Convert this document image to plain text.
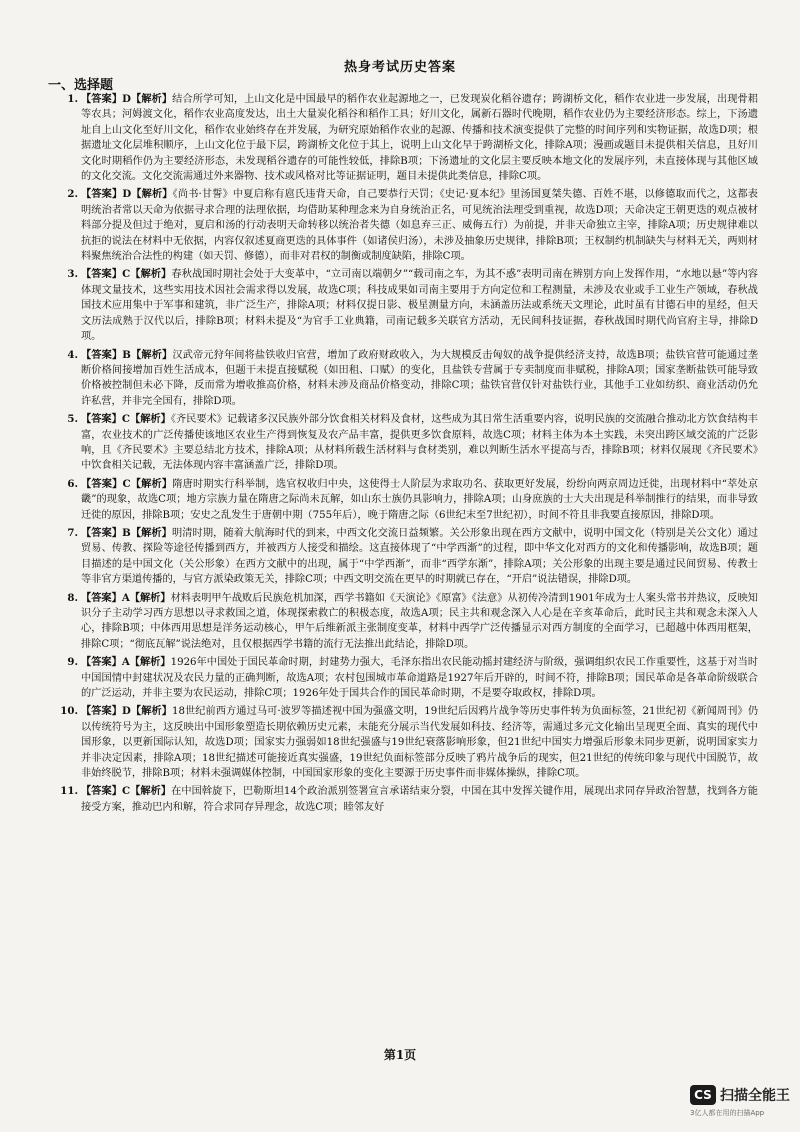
热身考试历史答案
一、选择题
1. 【答案】D【解析】结合所学可知，上山文化是中国最早的稻作农业起源地之一，已发现炭化稻谷遗存；跨湖桥文化，稻作农业进一步发展，出现骨耜等农具；河姆渡文化，稻作农业高度发达，出土大量炭化稻谷和稻作工具；好川文化，属新石器时代晚期，稻作农业仍为主要经济形态。综上，下汤遗址自上山文化至好川文化，稻作农业始终存在并发展，为研究原始稻作农业的起源、传播和技术演变提供了完整的时间序列和实物证据，故选D项；根据遗址文化层堆积顺序，上山文化位于最下层，跨湖桥文化位于其上，说明上山文化早于跨湖桥文化，排除A项；漫画或题目未提供相关信息，且好川文化时期稻作仍为主要经济形态，未发现稻谷遗存的可能性较低，排除B项；下汤遗址的文化层主要反映本地文化的发展序列，未直接体现与其他区域的文化交流。文化交流需通过外来器物、技术或风格对比等证据证明，题目未提供此类信息，排除C项。
2. 【答案】D【解析】《尚书·甘誓》中夏启称有扈氏违背天命，自己要恭行天罚；《史记·夏本纪》里汤国夏桀失德、百姓不堪，以修德取而代之，这都表明统治者常以天命为依据寻求合理的法理依据，均借助某种理念来为自身统治正名，可见统治法理受到重视，故选D项；天命决定王朝更迭的观点被材料部分提及但过于绝对，夏启和汤的行动表明天命转移以统治者失德（如息弃三正、威侮五行）为前提，并非天命独立主宰，排除A项；历史规律难以抗拒的说法在材料中无依据，内容仅叙述夏商更迭的具体事件（如诸侯归汤），未涉及抽象历史规律，排除B项；王权制约机制缺失与材料无关，两则材料聚焦统治合法性的构建（如天罚、修德），而非对君权的制衡或制度缺陷，排除C项。
3. 【答案】C【解析】春秋战国时期社会处于大变革中，“立司南以端朝夕”“载司南之车，为其不惑”表明司南在辨别方向上发挥作用，“水地以悬”等内容体现文量技术，这些实用技术因社会需求得以发展，故选C项；科技成果如司南主要用于方向定位和工程测量，未涉及农业或手工业生产领域，春秋战国技术应用集中于军事和建筑，非广泛生产，排除A项；材料仅提日影、极星测量方向，未涵盖历法或系统天文理论，此时虽有甘德石申的星经，但天文历法成熟于汉代以后，排除B项；材料未提及“为官手工业典籍，司南记载多关联官方活动，无民间科技证据，春秋战国时期代尚官府主导，排除D项。
4. 【答案】B【解析】汉武帝元狩年间将盐铁收归官营，增加了政府财政收入，为大规模反击匈奴的战争提供经济支持，故选B项；盐铁官营可能通过垄断价格间接增加百姓生活成本，但题干未提直接赋税（如田租、口赋）的变化，且盐铁专营属于专卖制度而非赋税，排除A项；国家垄断盐铁可能导致价格被控制但未必下降，反而常为增收推高价格，材料未涉及商品价格变动，排除C项；盐铁官营仅针对盐铁行业，其他手工业如纺织、商业活动仍允许私营，并非完全国有，排除D项。
5. 【答案】C【解析】《齐民要术》记载诸多汉民族外部分饮食相关材料及食材，这些成为其日常生活重要内容，说明民族的交流融合推动北方饮食结构丰富，农业技术的广泛传播使该地区农业生产得到恢复及农产品丰富，提供更多饮食原料，故选C项；材料主体为本土实践，未突出跨区域交流的广泛影响，且《齐民要术》主要总结北方技术，排除A项；从材料所载生活材料与食材类别，难以判断生活水平提高与否，排除B项；材料仅展现《齐民要术》中饮食相关记载，无法体现内容丰富涵盖广泛，排除D项。
6. 【答案】C【解析】隋唐时期实行科举制，选官权收归中央，这使得士人阶层为求取功名、获取更好发展，纷纷向两京周边迁徙，出现材料中“萃处京畿”的现象，故选C项；地方宗族力量在隋唐之际尚未瓦解，如山东士族仍具影响力，排除A项；山身庶族的士大夫出现是科举制推行的结果，而非导致迁徙的原因，排除B项；安史之乱发生于唐朝中期（755年后），晚于隋唐之际（6世纪末至7世纪初），时间不符且非我要直接原因，排除D项。
7. 【答案】B【解析】明清时期，随着大航海时代的到来，中西文化交流日益频繁。关公形象出现在西方文献中，说明中国文化（特别是关公文化）通过贸易、传教、探险等途径传播到西方，并被西方人接受和描绘。这直接体现了“中学西渐”的过程，即中华文化对西方的文化和传播影响，故选B项；题目描述的是中国文化（关公形象）在西方文献中的出现，属于“中学西渐”，而非“西学东渐”，排除A项；关公形象的出现主要是通过民间贸易、传教士等非官方渠道传播的，与官方派染政策无关，排除C项；中西文明交流在更早的时期就已存在，“开启”说法错误，排除D项。
8. 【答案】A【解析】材料表明甲午战败后民族危机加深，西学书籍如《天演论》《原富》《法意》从初传冷清到1901年成为士人案头常书并热议，反映知识分子主动学习西方思想以寻求救国之道，体现探索救亡的积极态度，故选A项；民主共和观念深入人心是在辛亥革命后，此时民主共和观念未深入人心，排除B项；中体西用思想是洋务运动核心，甲午后维新派主张制度变革，材料中西学广泛传播显示对西方制度的全面学习，已超越中体西用框架，排除C项；“彻底瓦解”说法绝对，且仅根据西学书籍的流行无法推出此结论，排除D项。
9. 【答案】A【解析】1926年中国处于国民革命时期，封建势力强大，毛泽东指出农民能动摇封建经济与阶级，强调组织农民工作重要性，这基于对当时中国国情中封建状况及农民力量的正确判断，故选A项；农村包围城市革命道路是1927年后开辟的，时间不符，排除B项；国民革命是各革命阶级联合的广泛运动，并非主要为农民运动，排除C项；1926年处于国共合作的国民革命时期，不是要夺取政权，排除D项。
10. 【答案】D【解析】18世纪前西方通过马可·波罗等描述视中国为强盛文明，19世纪后因鸦片战争等历史事件转为负面标签，21世纪初《新闻周刊》仍以传统符号为主，这反映出中国形象塑造长期依赖历史元素，未能充分展示当代发展如科技、经济等，需通过多元文化输出呈现更全面、真实的现代中国形象，以更新国际认知，故选D项；国家实力强弱如18世纪强盛与19世纪衰落影响形象，但21世纪中国实力增强后形象未同步更新，说明国家实力并非决定因素，排除A项；18世纪描述可能接近真实强盛，19世纪负面标签部分反映了鸦片战争后的现实，但21世纪的传统印象与现代中国脱节，故非始终脱节，排除B项；材料未强调媒体控制，中国国家形象的变化主要源于历史事件而非媒体操纵，排除C项。
11. 【答案】C【解析】在中国斡旋下，巴勒斯坦14个政治派别签署宣言承诺结束分裂，中国在其中发挥关键作用，展现出求同存异政治智慧，找到各方能接受方案，推动巴内和解，符合求同存异理念，故选C项；睦邻友好
第1页
CS 扫描全能王
3亿人都在用的扫描App
